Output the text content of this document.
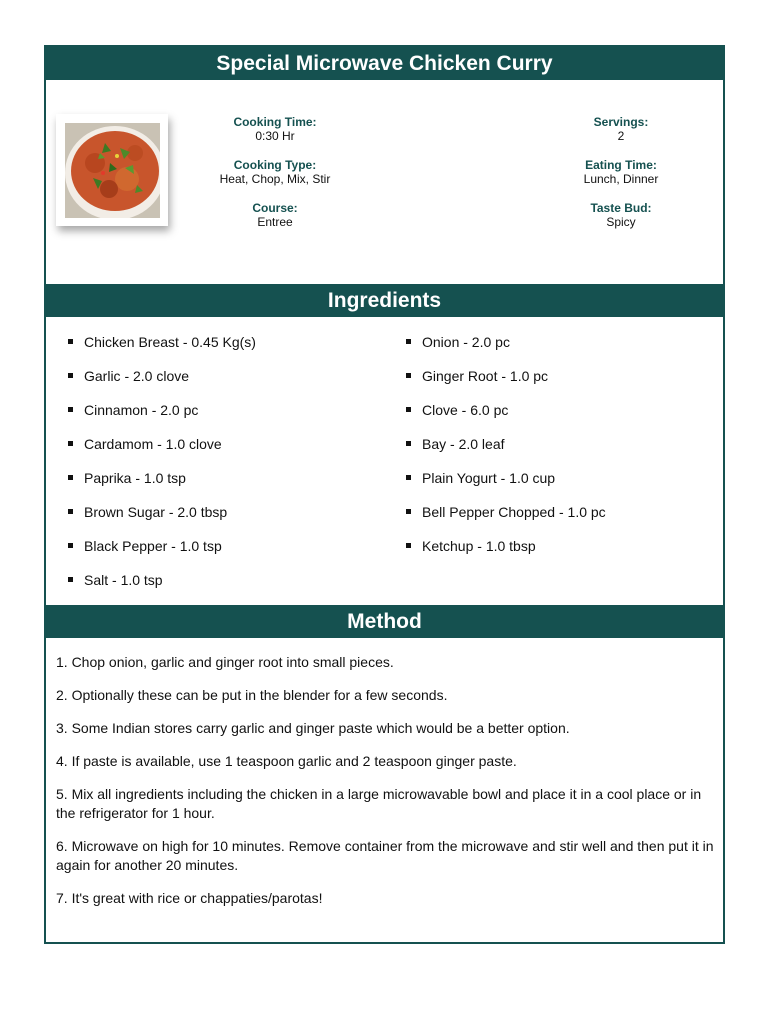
Special Microwave Chicken Curry
Cooking Time:
0:30 Hr
Cooking Type:
Heat, Chop, Mix, Stir
Course:
Entree
Servings:
2
Eating Time:
Lunch, Dinner
Taste Bud:
Spicy
Ingredients
Chicken Breast - 0.45 Kg(s)
Garlic - 2.0 clove
Cinnamon - 2.0 pc
Cardamom - 1.0 clove
Paprika - 1.0 tsp
Brown Sugar - 2.0 tbsp
Black Pepper - 1.0 tsp
Salt - 1.0 tsp
Onion - 2.0 pc
Ginger Root - 1.0 pc
Clove - 6.0 pc
Bay - 2.0 leaf
Plain Yogurt - 1.0 cup
Bell Pepper Chopped - 1.0 pc
Ketchup - 1.0 tbsp
Method

1. Chop onion, garlic and ginger root into small pieces.

2. Optionally these can be put in the blender for a few seconds.

3. Some Indian stores carry garlic and ginger paste which would be a better option.

4. If paste is available, use 1 teaspoon garlic and 2 teaspoon ginger paste.

5. Mix all ingredients including the chicken in a large microwavable bowl and place it in a cool place or in the refrigerator for 1 hour.

6. Microwave on high for 10 minutes. Remove container from the microwave and stir well and then put it in again for another 20 minutes.

7. It's great with rice or chappaties/parotas!
